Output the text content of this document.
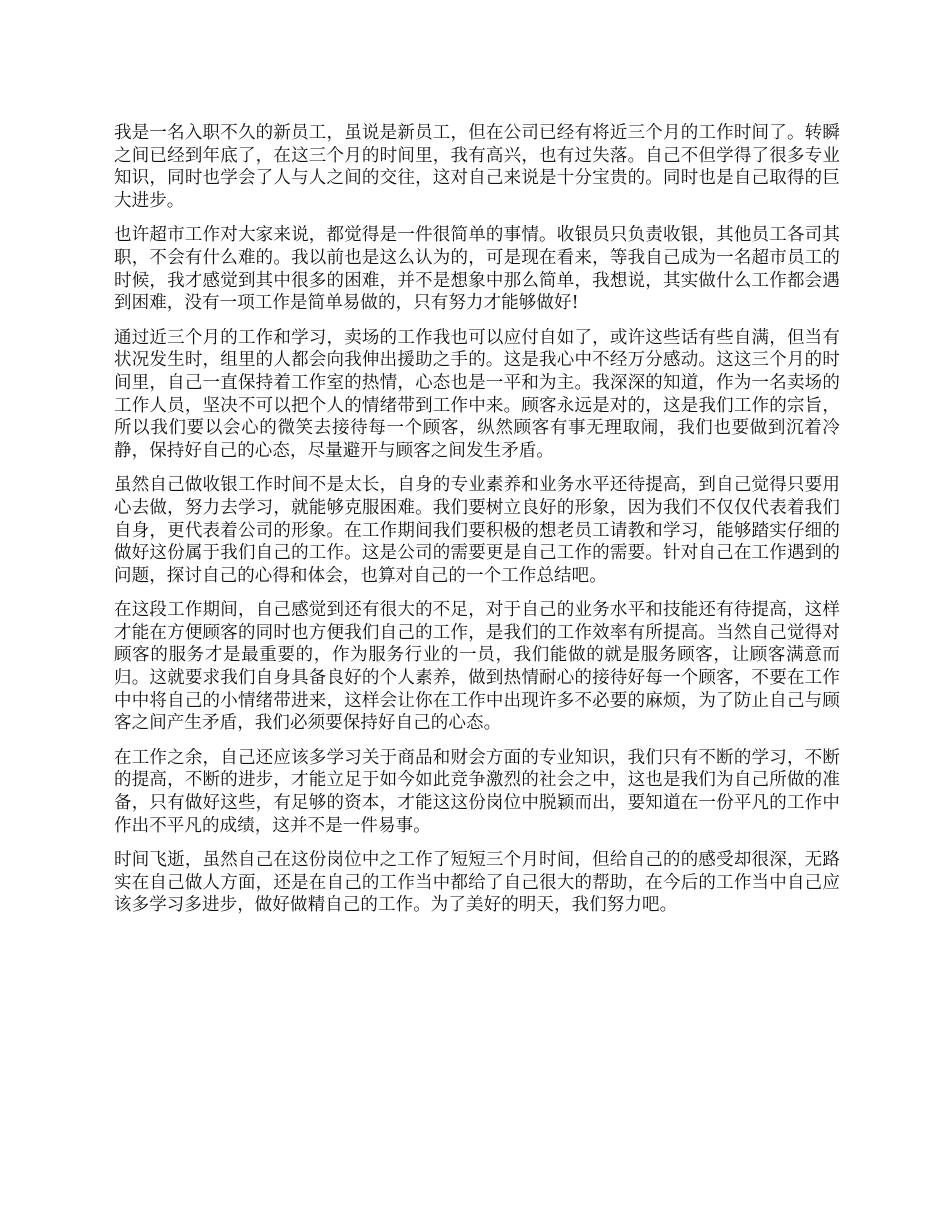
我是一名入职不久的新员工，虽说是新员工，但在公司已经有将近三个月的工作时间了。转瞬之间已经到年底了，在这三个月的时间里，我有高兴，也有过失落。自己不但学得了很多专业知识，同时也学会了人与人之间的交往，这对自己来说是十分宝贵的。同时也是自己取得的巨大进步。

也许超市工作对大家来说，都觉得是一件很简单的事情。收银员只负责收银，其他员工各司其职，不会有什么难的。我以前也是这么认为的，可是现在看来，等我自己成为一名超市员工的时候，我才感觉到其中很多的困难，并不是想象中那么简单，我想说，其实做什么工作都会遇到困难，没有一项工作是简单易做的，只有努力才能够做好!

通过近三个月的工作和学习，卖场的工作我也可以应付自如了，或许这些话有些自满，但当有状况发生时，组里的人都会向我伸出援助之手的。这是我心中不经万分感动。这这三个月的时间里，自己一直保持着工作室的热情，心态也是一平和为主。我深深的知道，作为一名卖场的工作人员，坚决不可以把个人的情绪带到工作中来。顾客永远是对的，这是我们工作的宗旨，所以我们要以会心的微笑去接待每一个顾客，纵然顾客有事无理取闹，我们也要做到沉着冷静，保持好自己的心态，尽量避开与顾客之间发生矛盾。

虽然自己做收银工作时间不是太长，自身的专业素养和业务水平还待提高，到自己觉得只要用心去做，努力去学习，就能够克服困难。我们要树立良好的形象，因为我们不仅仅代表着我们自身，更代表着公司的形象。在工作期间我们要积极的想老员工请教和学习，能够踏实仔细的做好这份属于我们自己的工作。这是公司的需要更是自己工作的需要。针对自己在工作遇到的问题，探讨自己的心得和体会，也算对自己的一个工作总结吧。

在这段工作期间，自己感觉到还有很大的不足，对于自己的业务水平和技能还有待提高，这样才能在方便顾客的同时也方便我们自己的工作，是我们的工作效率有所提高。当然自己觉得对顾客的服务才是最重要的，作为服务行业的一员，我们能做的就是服务顾客，让顾客满意而归。这就要求我们自身具备良好的个人素养，做到热情耐心的接待好每一个顾客，不要在工作中中将自己的小情绪带进来，这样会让你在工作中出现许多不必要的麻烦，为了防止自己与顾客之间产生矛盾，我们必须要保持好自己的心态。

在工作之余，自己还应该多学习关于商品和财会方面的专业知识，我们只有不断的学习，不断的提高，不断的进步，才能立足于如今如此竞争激烈的社会之中，这也是我们为自己所做的准备，只有做好这些，有足够的资本，才能这这份岗位中脱颖而出，要知道在一份平凡的工作中作出不平凡的成绩，这并不是一件易事。

时间飞逝，虽然自己在这份岗位中之工作了短短三个月时间，但给自己的的感受却很深，无路实在自己做人方面，还是在自己的工作当中都给了自己很大的帮助，在今后的工作当中自己应该多学习多进步，做好做精自己的工作。为了美好的明天，我们努力吧。
